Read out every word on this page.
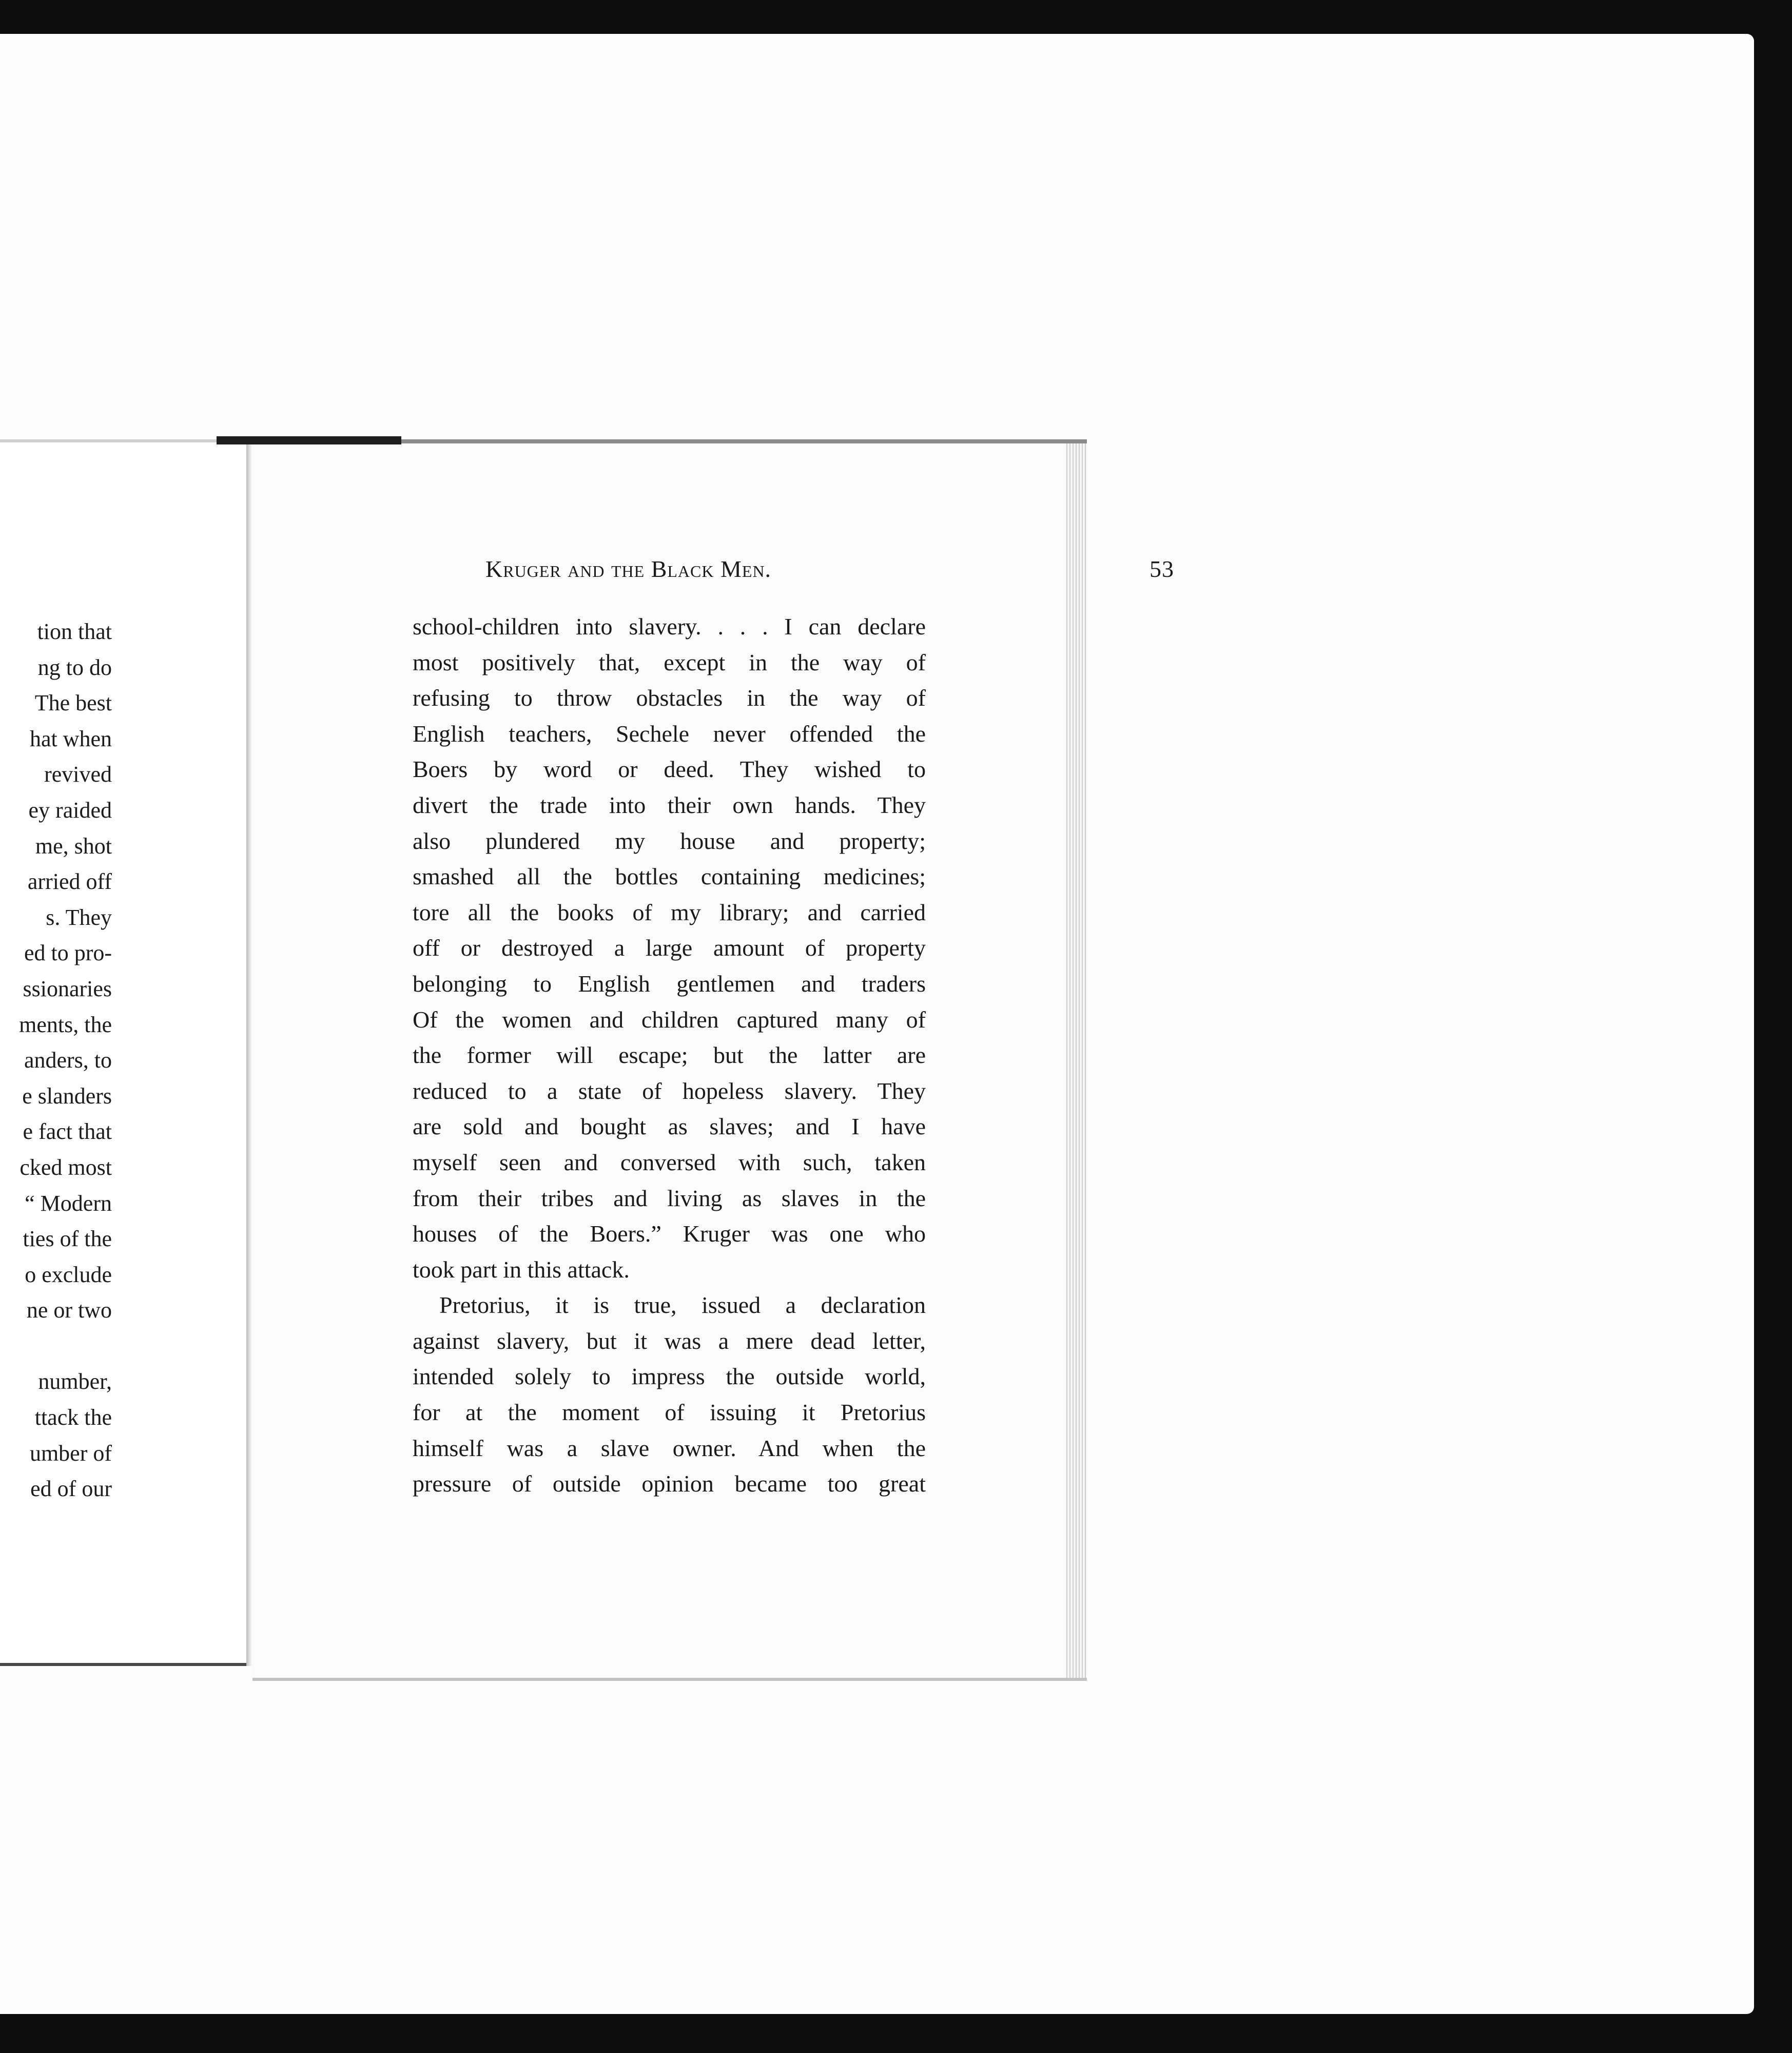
tion that
ng to do
The best
hat when
revived
ey raided
me, shot
arried off
s. They
ed to pro-
ssionaries
ments, the
anders, to
e slanders
e fact that
cked most
“ Modern
ties of the
o exclude
ne or two
number,
ttack the
umber of
ed of our
Kruger and the Black Men.	53
school-children into slavery. . . . I can declare
most positively that, except in the way of
refusing to throw obstacles in the way of
English teachers, Sechele never offended the
Boers by word or deed. They wished to
divert the trade into their own hands. They
also plundered my house and property;
smashed all the bottles containing medicines;
tore all the books of my library; and carried
off or destroyed a large amount of property
belonging to English gentlemen and traders
Of the women and children captured many of
the former will escape; but the latter are
reduced to a state of hopeless slavery. They
are sold and bought as slaves; and I have
myself seen and conversed with such, taken
from their tribes and living as slaves in the
houses of the Boers.” Kruger was one who
took part in this attack.
Pretorius, it is true, issued a declaration
against slavery, but it was a mere dead letter,
intended solely to impress the outside world,
for at the moment of issuing it Pretorius
himself was a slave owner. And when the
pressure of outside opinion became too great
